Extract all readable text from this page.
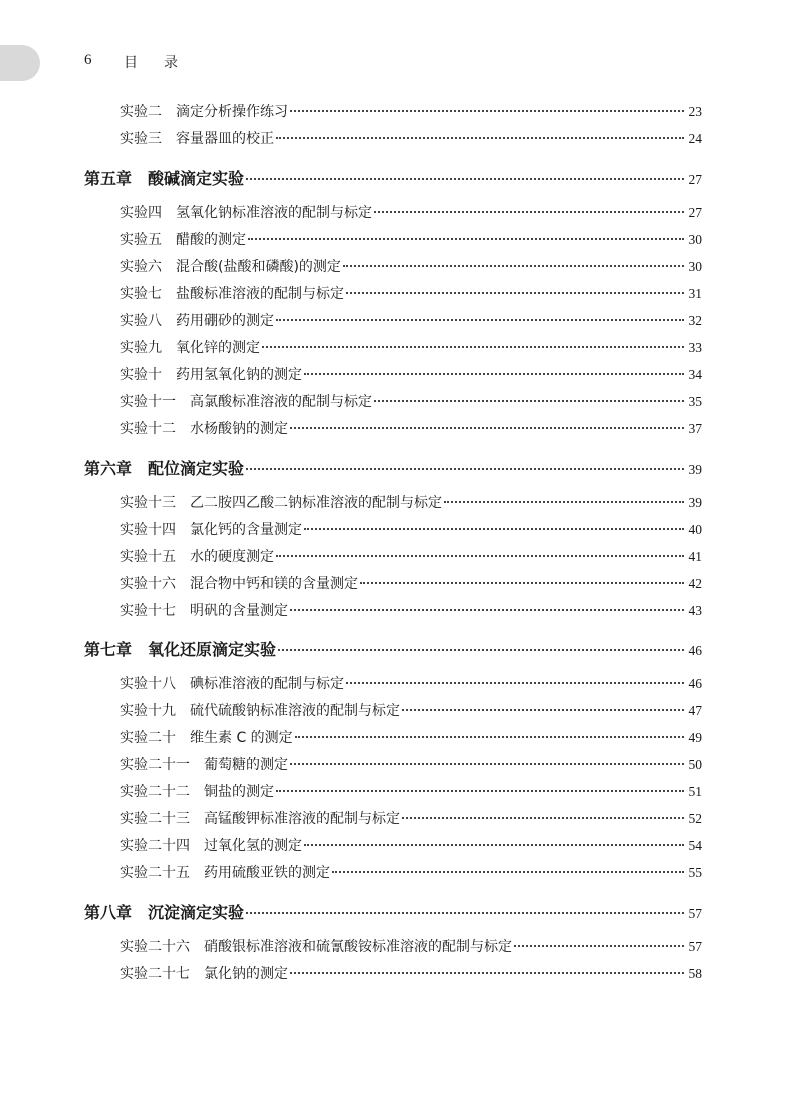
6 目 录
实验二 滴定分析操作练习	23
实验三 容量器皿的校正	24
第五章 酸碱滴定实验	27
实验四 氢氧化钠标准溶液的配制与标定	27
实验五 醋酸的测定	30
实验六 混合酸(盐酸和磷酸)的测定	30
实验七 盐酸标准溶液的配制与标定	31
实验八 药用硼砂的测定	32
实验九 氧化锌的测定	33
实验十 药用氢氧化钠的测定	34
实验十一 高氯酸标准溶液的配制与标定	35
实验十二 水杨酸钠的测定	37
第六章 配位滴定实验	39
实验十三 乙二胺四乙酸二钠标准溶液的配制与标定	39
实验十四 氯化钙的含量测定	40
实验十五 水的硬度测定	41
实验十六 混合物中钙和镁的含量测定	42
实验十七 明矾的含量测定	43
第七章 氧化还原滴定实验	46
实验十八 碘标准溶液的配制与标定	46
实验十九 硫代硫酸钠标准溶液的配制与标定	47
实验二十 维生素 C 的测定	49
实验二十一 葡萄糖的测定	50
实验二十二 铜盐的测定	51
实验二十三 高锰酸钾标准溶液的配制与标定	52
实验二十四 过氧化氢的测定	54
实验二十五 药用硫酸亚铁的测定	55
第八章 沉淀滴定实验	57
实验二十六 硝酸银标准溶液和硫氰酸铵标准溶液的配制与标定	57
实验二十七 氯化钠的测定	58
